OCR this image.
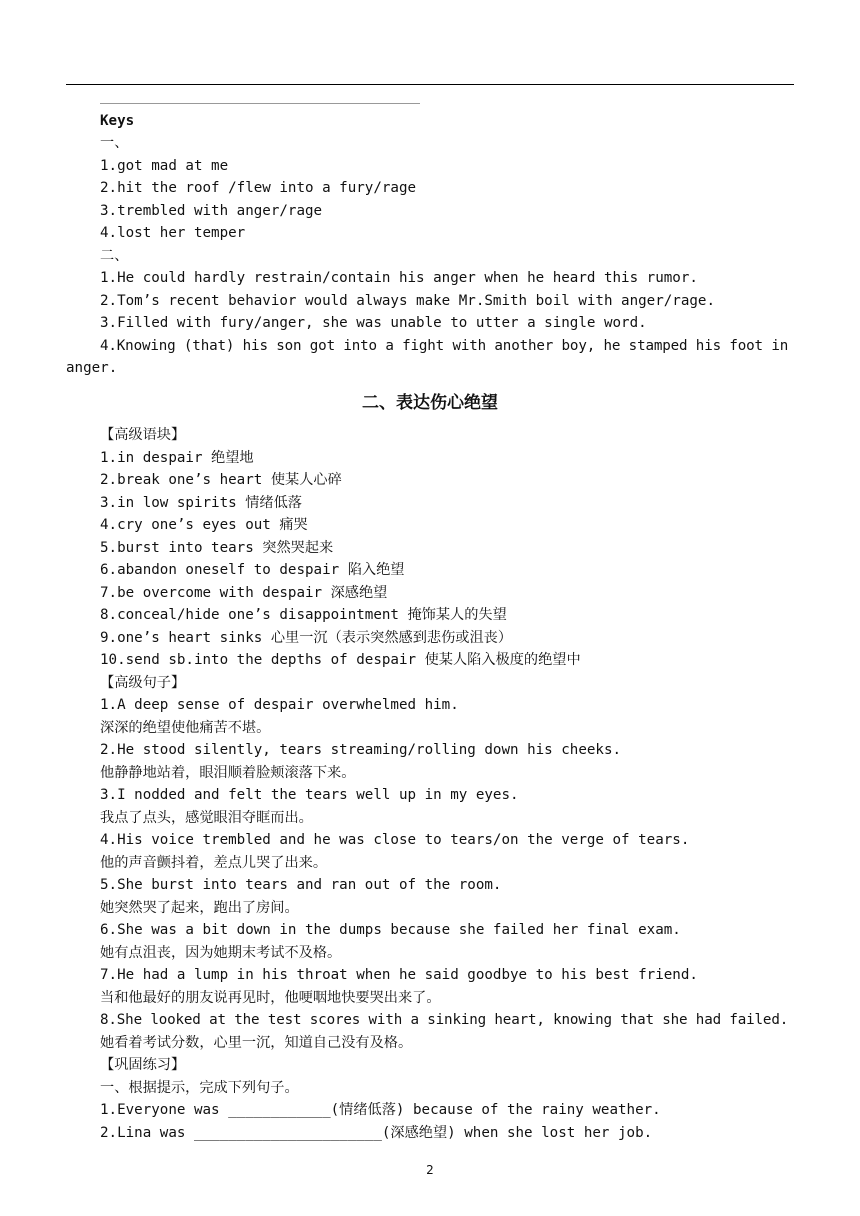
Keys
一、
1.got mad at me
2.hit the roof /flew into a fury/rage
3.trembled with anger/rage
4.lost her temper
二、
1.He could hardly restrain/contain his anger when he heard this rumor.
2.Tom’s recent behavior would always make Mr.Smith boil with anger/rage.
3.Filled with fury/anger, she was unable to utter a single word.
4.Knowing (that) his son got into a fight with another boy, he stamped his foot in
anger.
二、表达伤心绝望
【高级语块】
1.in despair 绝望地
2.break one’s heart 使某人心碎
3.in low spirits 情绪低落
4.cry one’s eyes out 痛哭
5.burst into tears 突然哭起来
6.abandon oneself to despair 陷入绝望
7.be overcome with despair 深感绝望
8.conceal/hide one’s disappointment 掩饰某人的失望
9.one’s heart sinks 心里一沉（表示突然感到悲伤或沮丧）
10.send sb.into the depths of despair 使某人陷入极度的绝望中
【高级句子】
1.A deep sense of despair overwhelmed him.
深深的绝望使他痛苦不堪。
2.He stood silently, tears streaming/rolling down his cheeks.
他静静地站着，眼泪顺着脸颊滚落下来。
3.I nodded and felt the tears well up in my eyes.
我点了点头，感觉眼泪夺眶而出。
4.His voice trembled and he was close to tears/on the verge of tears.
他的声音颤抖着，差点儿哭了出来。
5.She burst into tears and ran out of the room.
她突然哭了起来，跑出了房间。
6.She was a bit down in the dumps because she failed her final exam.
她有点沮丧，因为她期末考试不及格。
7.He had a lump in his throat when he said goodbye to his best friend.
当和他最好的朋友说再见时，他哽咽地快要哭出来了。
8.She looked at the test scores with a sinking heart, knowing that she had failed.
她看着考试分数，心里一沉，知道自己没有及格。
【巩固练习】
一、根据提示，完成下列句子。
1.Everyone was ____________(情绪低落) because of the rainy weather.
2.Lina was ______________________(深感绝望) when she lost her job.
2
